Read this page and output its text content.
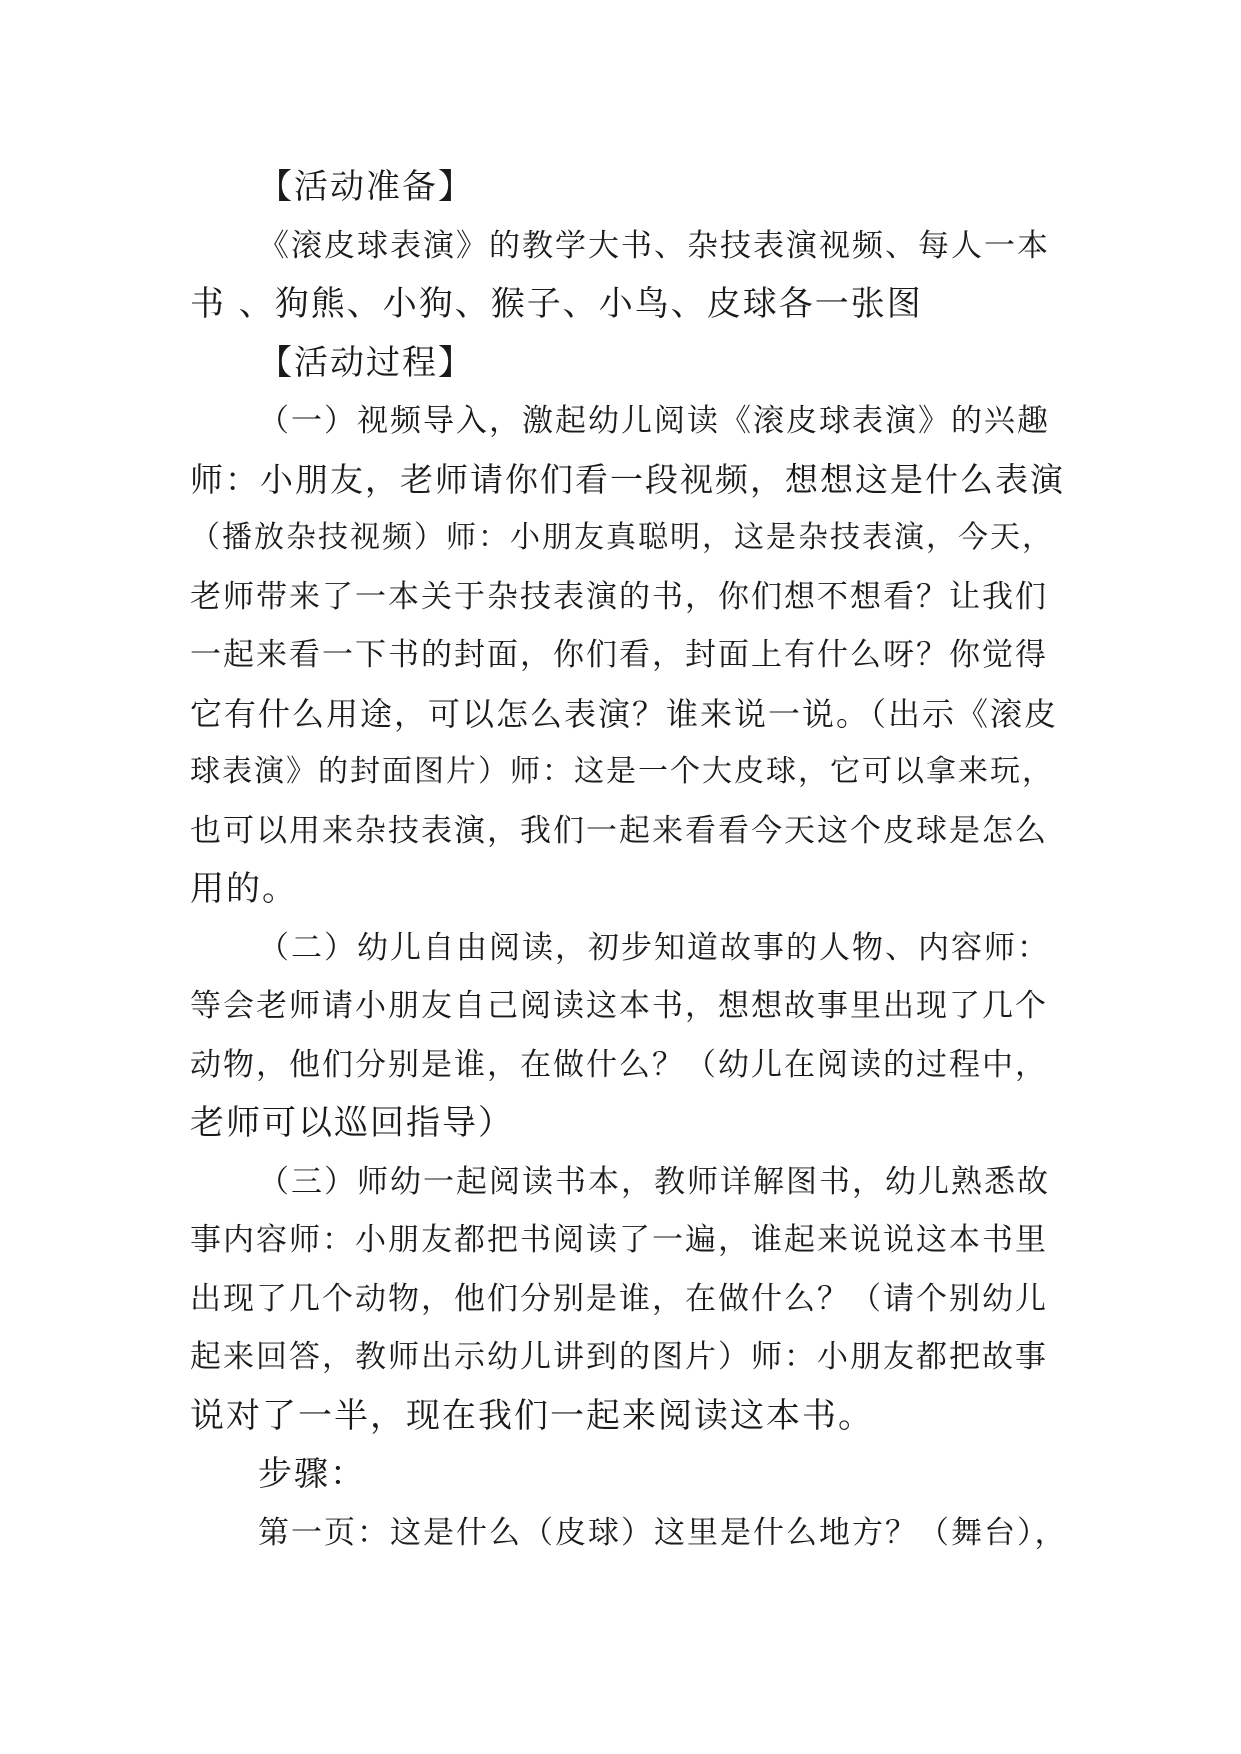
【活动准备】
《滚皮球表演》的教学大书、杂技表演视频、每人一本
书 、狗熊、小狗、猴子、小鸟、皮球各一张图
【活动过程】
（一）视频导入，激起幼儿阅读《滚皮球表演》的兴趣
师：小朋友，老师请你们看一段视频，想想这是什么表演
（播放杂技视频）师：小朋友真聪明，这是杂技表演，今天，
老师带来了一本关于杂技表演的书，你们想不想看？让我们
一起来看一下书的封面，你们看，封面上有什么呀？你觉得
它有什么用途，可以怎么表演？谁来说一说。（出示《滚皮
球表演》的封面图片）师：这是一个大皮球，它可以拿来玩，
也可以用来杂技表演，我们一起来看看今天这个皮球是怎么
用的。
（二）幼儿自由阅读，初步知道故事的人物、内容师：
等会老师请小朋友自己阅读这本书，想想故事里出现了几个
动物，他们分别是谁，在做什么？（幼儿在阅读的过程中，
老师可以巡回指导）
（三）师幼一起阅读书本，教师详解图书，幼儿熟悉故
事内容师：小朋友都把书阅读了一遍，谁起来说说这本书里
出现了几个动物，他们分别是谁，在做什么？（请个别幼儿
起来回答，教师出示幼儿讲到的图片）师：小朋友都把故事
说对了一半，现在我们一起来阅读这本书。
步骤：
第一页：这是什么（皮球）这里是什么地方？（舞台），
